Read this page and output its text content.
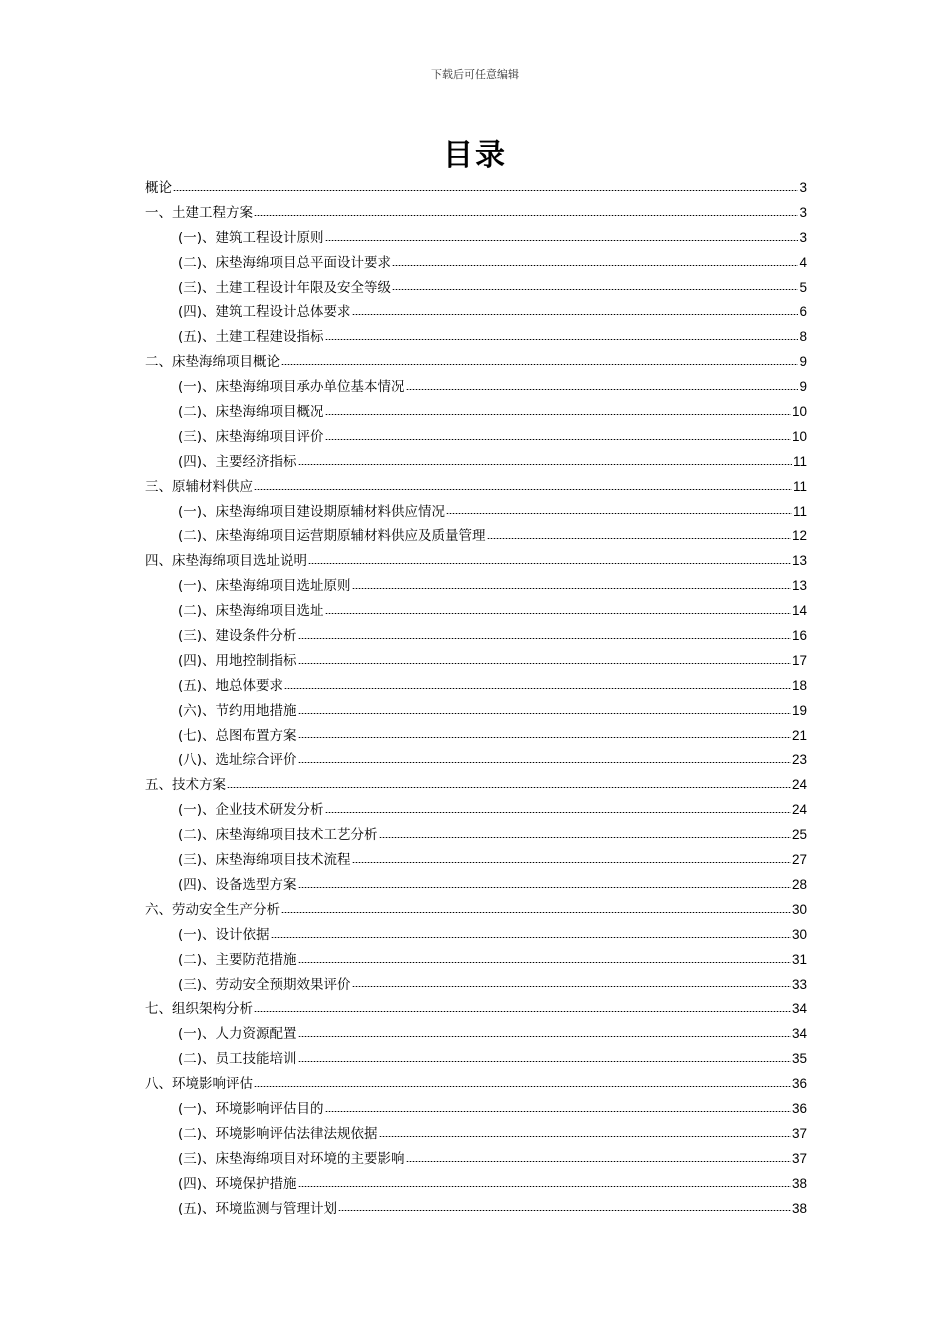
下载后可任意编辑
目录
概论	3
一、土建工程方案	3
(一)、建筑工程设计原则	3
(二)、床垫海绵项目总平面设计要求	4
(三)、土建工程设计年限及安全等级	5
(四)、建筑工程设计总体要求	6
(五)、土建工程建设指标	8
二、床垫海绵项目概论	9
(一)、床垫海绵项目承办单位基本情况	9
(二)、床垫海绵项目概况	10
(三)、床垫海绵项目评价	10
(四)、主要经济指标	11
三、原辅材料供应	11
(一)、床垫海绵项目建设期原辅材料供应情况	11
(二)、床垫海绵项目运营期原辅材料供应及质量管理	12
四、床垫海绵项目选址说明	13
(一)、床垫海绵项目选址原则	13
(二)、床垫海绵项目选址	14
(三)、建设条件分析	16
(四)、用地控制指标	17
(五)、地总体要求	18
(六)、节约用地措施	19
(七)、总图布置方案	21
(八)、选址综合评价	23
五、技术方案	24
(一)、企业技术研发分析	24
(二)、床垫海绵项目技术工艺分析	25
(三)、床垫海绵项目技术流程	27
(四)、设备选型方案	28
六、劳动安全生产分析	30
(一)、设计依据	30
(二)、主要防范措施	31
(三)、劳动安全预期效果评价	33
七、组织架构分析	34
(一)、人力资源配置	34
(二)、员工技能培训	35
八、环境影响评估	36
(一)、环境影响评估目的	36
(二)、环境影响评估法律法规依据	37
(三)、床垫海绵项目对环境的主要影响	37
(四)、环境保护措施	38
(五)、环境监测与管理计划	38
